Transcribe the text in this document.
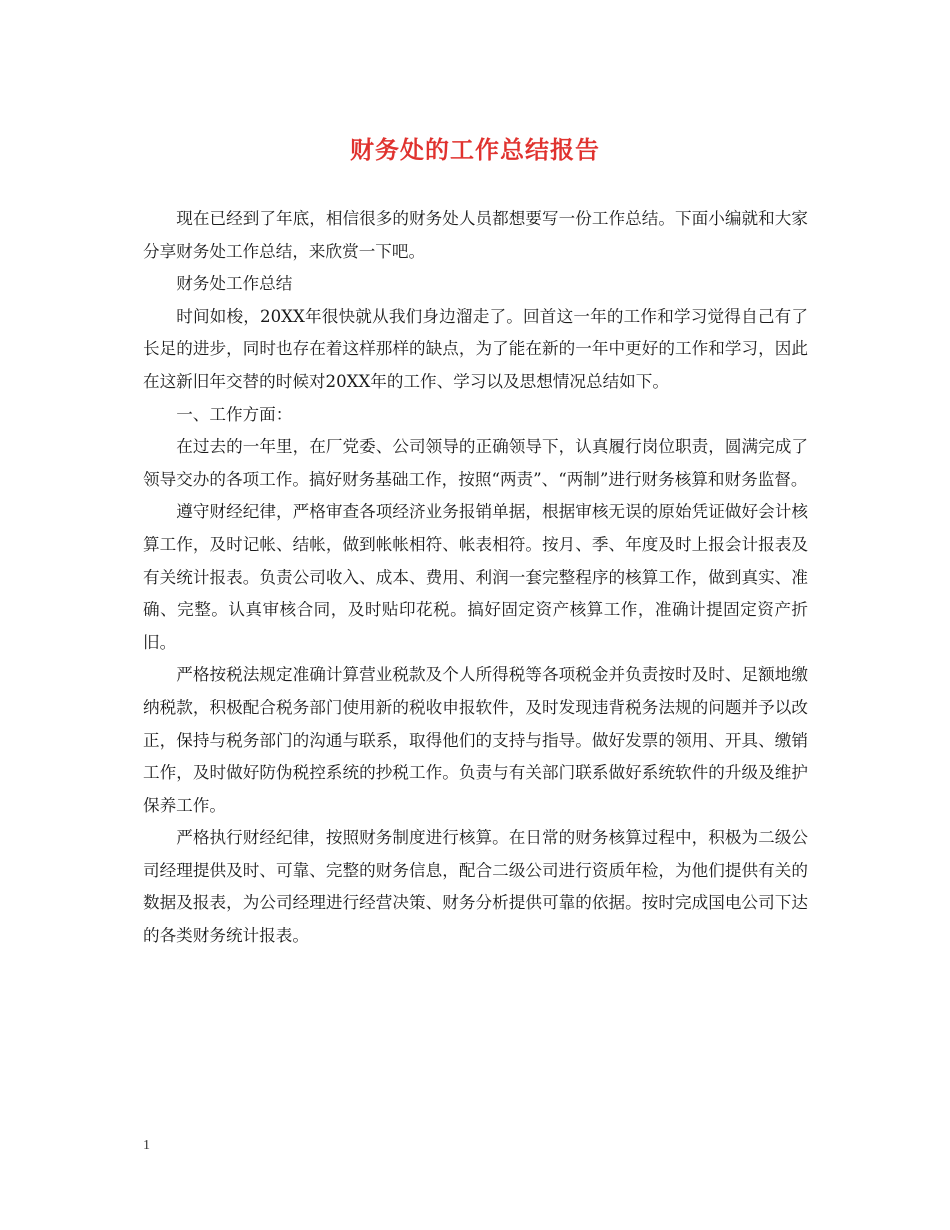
财务处的工作总结报告

现在已经到了年底，相信很多的财务处人员都想要写一份工作总结。下面小编就和大家分享财务处工作总结，来欣赏一下吧。

财务处工作总结

时间如梭，20XX年很快就从我们身边溜走了。回首这一年的工作和学习觉得自己有了长足的进步，同时也存在着这样那样的缺点，为了能在新的一年中更好的工作和学习，因此在这新旧年交替的时候对20XX年的工作、学习以及思想情况总结如下。

一、工作方面：

在过去的一年里，在厂党委、公司领导的正确领导下，认真履行岗位职责，圆满完成了领导交办的各项工作。搞好财务基础工作，按照“两责”、“两制”进行财务核算和财务监督。

遵守财经纪律，严格审查各项经济业务报销单据，根据审核无误的原始凭证做好会计核算工作，及时记帐、结帐，做到帐帐相符、帐表相符。按月、季、年度及时上报会计报表及有关统计报表。负责公司收入、成本、费用、利润一套完整程序的核算工作，做到真实、准确、完整。认真审核合同，及时贴印花税。搞好固定资产核算工作，准确计提固定资产折旧。

严格按税法规定准确计算营业税款及个人所得税等各项税金并负责按时及时、足额地缴纳税款，积极配合税务部门使用新的税收申报软件，及时发现违背税务法规的问题并予以改正，保持与税务部门的沟通与联系，取得他们的支持与指导。做好发票的领用、开具、缴销工作，及时做好防伪税控系统的抄税工作。负责与有关部门联系做好系统软件的升级及维护保养工作。

严格执行财经纪律，按照财务制度进行核算。在日常的财务核算过程中，积极为二级公司经理提供及时、可靠、完整的财务信息，配合二级公司进行资质年检，为他们提供有关的数据及报表，为公司经理进行经营决策、财务分析提供可靠的依据。按时完成国电公司下达的各类财务统计报表。

1
